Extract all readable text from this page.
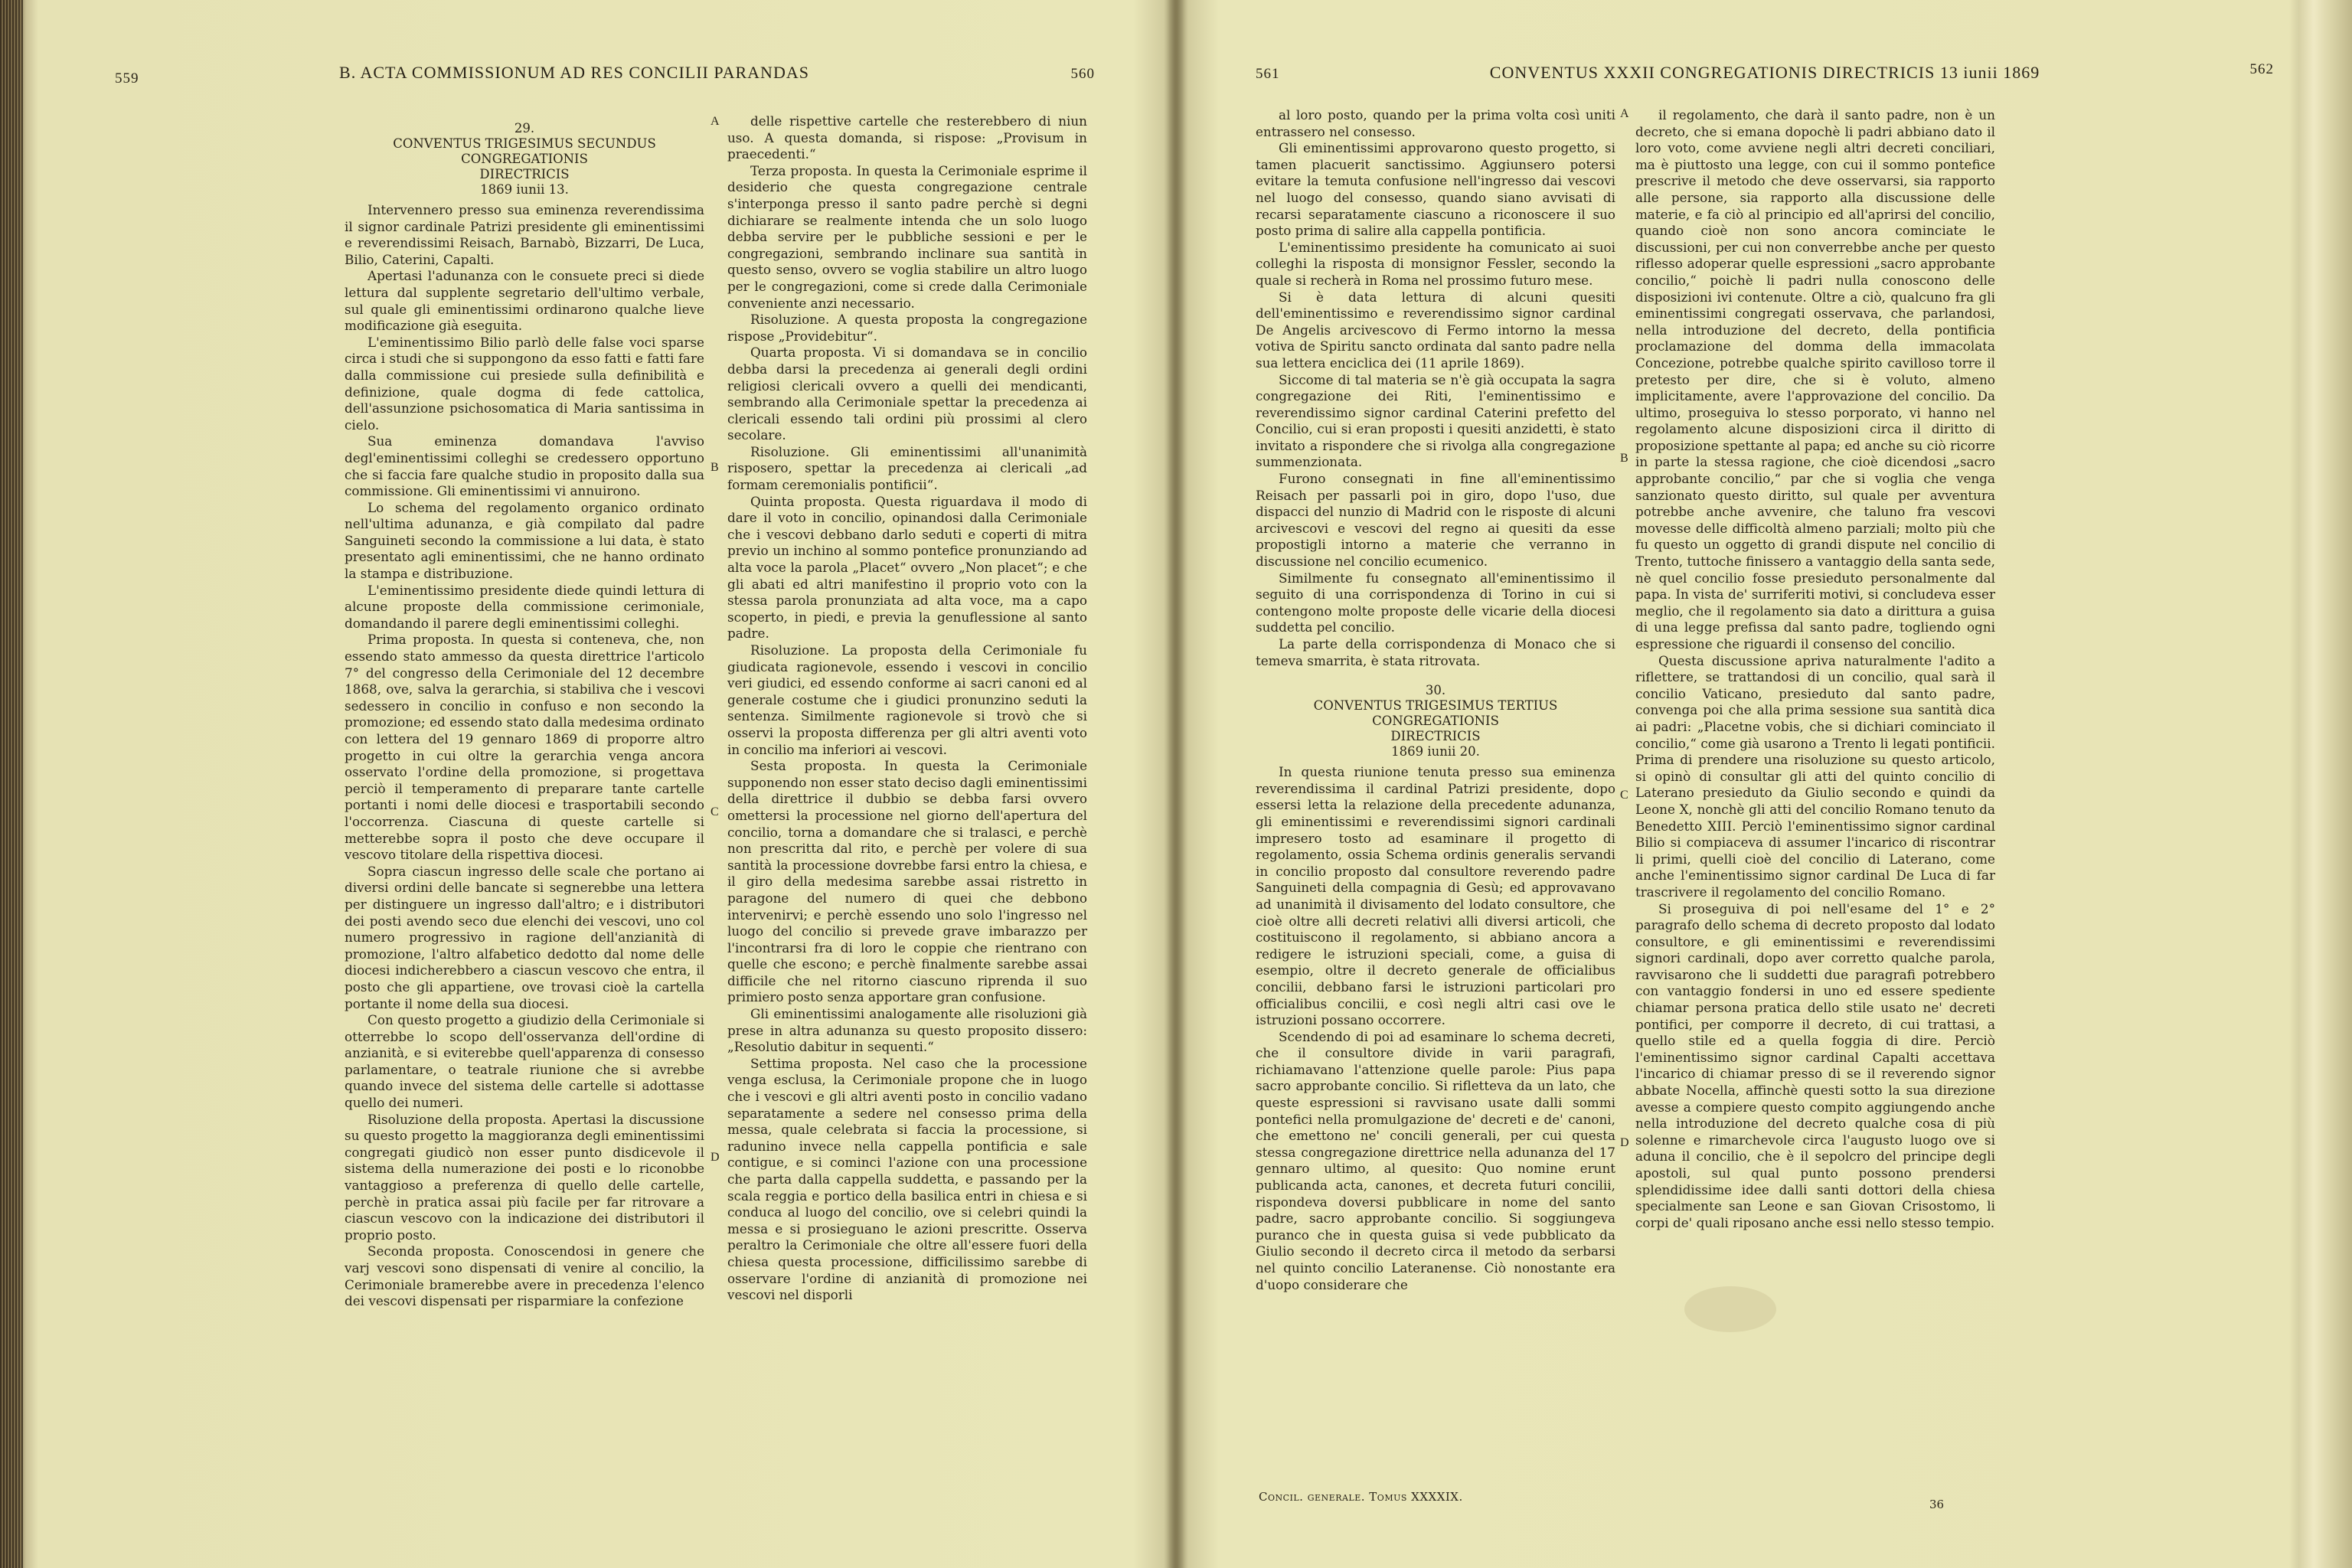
559	B. ACTA COMMISSIONUM AD RES CONCILII PARANDAS	560
29.
CONVENTUS TRIGESIMUS SECUNDUS CONGREGATIONIS
DIRECTRICIS
1869 iunii 13.

Intervennero presso sua eminenza reverendissima il signor cardinale Patrizi presidente gli eminentissimi e reverendissimi Reisach, Barnabò, Bizzarri, De Luca, Bilio, Caterini, Capalti.

Apertasi l'adunanza con le consuete preci si diede lettura dal supplente segretario dell'ultimo verbale, sul quale gli eminentissimi ordinarono qualche lieve modificazione già eseguita.

L'eminentissimo Bilio parlò delle false voci sparse circa i studi che si suppongono da esso fatti e fatti fare dalla commissione cui presiede sulla definibilità e definizione, quale dogma di fede cattolica, dell'assunzione psichosomatica di Maria santissima in cielo.

Sua eminenza domandava l'avviso degl'eminentissimi colleghi se credessero opportuno che si faccia fare qualche studio in proposito dalla sua commissione. Gli eminentissimi vi annuirono.

Lo schema del regolamento organico ordinato nell'ultima adunanza, e già compilato dal padre Sanguineti secondo la commissione a lui data, è stato presentato agli eminentissimi, che ne hanno ordinato la stampa e distribuzione.

L'eminentissimo presidente diede quindi lettura di alcune proposte della commissione cerimoniale, domandando il parere degli eminentissimi colleghi.

Prima proposta. In questa si conteneva, che, non essendo stato ammesso da questa direttrice l'articolo 7° del congresso della Cerimoniale del 12 decembre 1868, ove, salva la gerarchia, si stabiliva che i vescovi sedessero in concilio in confuso e non secondo la promozione; ed essendo stato dalla medesima ordinato con lettera del 19 gennaro 1869 di proporre altro progetto in cui oltre la gerarchia venga ancora osservato l'ordine della promozione, si progettava perciò il temperamento di preparare tante cartelle portanti i nomi delle diocesi e trasportabili secondo l'occorrenza. Ciascuna di queste cartelle si metterebbe sopra il posto che deve occupare il vescovo titolare della rispettiva diocesi.

Sopra ciascun ingresso delle scale che portano ai diversi ordini delle bancate si segnerebbe una lettera per distinguere un ingresso dall'altro; e i distributori dei posti avendo seco due elenchi dei vescovi, uno col numero progressivo in ragione dell'anzianità di promozione, l'altro alfabetico dedotto dal nome delle diocesi indicherebbero a ciascun vescovo che entra, il posto che gli appartiene, ove trovasi cioè la cartella portante il nome della sua diocesi.

Con questo progetto a giudizio della Cerimoniale si otterrebbe lo scopo dell'osservanza dell'ordine di anzianità, e si eviterebbe quell'apparenza di consesso parlamentare, o teatrale riunione che si avrebbe quando invece del sistema delle cartelle si adottasse quello dei numeri.

Risoluzione della proposta. Apertasi la discussione su questo progetto la maggioranza degli eminentissimi congregati giudicò non esser punto disdicevole il sistema della numerazione dei posti e lo riconobbe vantaggioso a preferenza di quello delle cartelle, perchè in pratica assai più facile per far ritrovare a ciascun vescovo con la indicazione dei distributori il proprio posto.

Seconda proposta. Conoscendosi in genere che varj vescovi sono dispensati di venire al concilio, la Cerimoniale bramerebbe avere in precedenza l'elenco dei vescovi dispensati per risparmiare la confezione

A
B
C
D

delle rispettive cartelle che resterebbero di niun uso. A questa domanda, si rispose: „Provisum in praecedenti.“

Terza proposta. In questa la Cerimoniale esprime il desiderio che questa congregazione centrale s'interponga presso il santo padre perchè si degni dichiarare se realmente intenda che un solo luogo debba servire per le pubbliche sessioni e per le congregazioni, sembrando inclinare sua santità in questo senso, ovvero se voglia stabilire un altro luogo per le congregazioni, come si crede dalla Cerimoniale conveniente anzi necessario.

Risoluzione. A questa proposta la congregazione rispose „Providebitur“.

Quarta proposta. Vi si domandava se in concilio debba darsi la precedenza ai generali degli ordini religiosi clericali ovvero a quelli dei mendicanti, sembrando alla Cerimoniale spettar la precedenza ai clericali essendo tali ordini più prossimi al clero secolare.

Risoluzione. Gli eminentissimi all'unanimità risposero, spettar la precedenza ai clericali „ad formam ceremonialis pontificii“.

Quinta proposta. Questa riguardava il modo di dare il voto in concilio, opinandosi dalla Cerimoniale che i vescovi debbano darlo seduti e coperti di mitra previo un inchino al sommo pontefice pronunziando ad alta voce la parola „Placet“ ovvero „Non placet“; e che gli abati ed altri manifestino il proprio voto con la stessa parola pronunziata ad alta voce, ma a capo scoperto, in piedi, e previa la genuflessione al santo padre.

Risoluzione. La proposta della Cerimoniale fu giudicata ragionevole, essendo i vescovi in concilio veri giudici, ed essendo conforme ai sacri canoni ed al generale costume che i giudici pronunzino seduti la sentenza. Similmente ragionevole si trovò che si osservi la proposta differenza per gli altri aventi voto in concilio ma inferiori ai vescovi.

Sesta proposta. In questa la Cerimoniale supponendo non esser stato deciso dagli eminentissimi della direttrice il dubbio se debba farsi ovvero omettersi la processione nel giorno dell'apertura del concilio, torna a domandare che si tralasci, e perchè non prescritta dal rito, e perchè per volere di sua santità la processione dovrebbe farsi entro la chiesa, e il giro della medesima sarebbe assai ristretto in paragone del numero di quei che debbono intervenirvi; e perchè essendo uno solo l'ingresso nel luogo del concilio si prevede grave imbarazzo per l'incontrarsi fra di loro le coppie che rientrano con quelle che escono; e perchè finalmente sarebbe assai difficile che nel ritorno ciascuno riprenda il suo primiero posto senza apportare gran confusione.

Gli eminentissimi analogamente alle risoluzioni già prese in altra adunanza su questo proposito dissero: „Resolutio dabitur in sequenti.“

Settima proposta. Nel caso che la processione venga esclusa, la Cerimoniale propone che in luogo che i vescovi e gli altri aventi posto in concilio vadano separatamente a sedere nel consesso prima della messa, quale celebrata si faccia la processione, si radunino invece nella cappella pontificia e sale contigue, e si cominci l'azione con una processione che parta dalla cappella suddetta, e passando per la scala reggia e portico della basilica entri in chiesa e si conduca al luogo del concilio, ove si celebri quindi la messa e si prosieguano le azioni prescritte. Osserva peraltro la Cerimoniale che oltre all'essere fuori della chiesa questa processione, difficilissimo sarebbe di osservare l'ordine di anzianità di promozione nei vescovi nel disporli

561	CONVENTUS XXXII CONGREGATIONIS DIRECTRICIS 13 iunii 1869	562

al loro posto, quando per la prima volta così uniti entrassero nel consesso.

Gli eminentissimi approvarono questo progetto, si tamen placuerit sanctissimo. Aggiunsero potersi evitare la temuta confusione nell'ingresso dai vescovi nel luogo del consesso, quando siano avvisati di recarsi separatamente ciascuno a riconoscere il suo posto prima di salire alla cappella pontificia.

L'eminentissimo presidente ha comunicato ai suoi colleghi la risposta di monsignor Fessler, secondo la quale si recherà in Roma nel prossimo futuro mese.

Si è data lettura di alcuni quesiti dell'eminentissimo e reverendissimo signor cardinal De Angelis arcivescovo di Fermo intorno la messa votiva de Spiritu sancto ordinata dal santo padre nella sua lettera enciclica dei (11 aprile 1869).

Siccome di tal materia se n'è già occupata la sagra congregazione dei Riti, l'eminentissimo e reverendissimo signor cardinal Caterini prefetto del Concilio, cui si eran proposti i quesiti anzidetti, è stato invitato a rispondere che si rivolga alla congregazione summenzionata.

Furono consegnati in fine all'eminentissimo Reisach per passarli poi in giro, dopo l'uso, due dispacci del nunzio di Madrid con le risposte di alcuni arcivescovi e vescovi del regno ai quesiti da esse propostigli intorno a materie che verranno in discussione nel concilio ecumenico.

Similmente fu consegnato all'eminentissimo il seguito di una corrispondenza di Torino in cui si contengono molte proposte delle vicarie della diocesi suddetta pel concilio.

La parte della corrispondenza di Monaco che si temeva smarrita, è stata ritrovata.

30.
CONVENTUS TRIGESIMUS TERTIUS CONGREGATIONIS
DIRECTRICIS
1869 iunii 20.

In questa riunione tenuta presso sua eminenza reverendissima il cardinal Patrizi presidente, dopo essersi letta la relazione della precedente adunanza, gli eminentissimi e reverendissimi signori cardinali impresero tosto ad esaminare il progetto di regolamento, ossia Schema ordinis generalis servandi in concilio proposto dal consultore reverendo padre Sanguineti della compagnia di Gesù; ed approvavano ad unanimità il divisamento del lodato consultore, che cioè oltre alli decreti relativi alli diversi articoli, che costituiscono il regolamento, si abbiano ancora a redigere le istruzioni speciali, come, a guisa di esempio, oltre il decreto generale de officialibus concilii, debbano farsi le istruzioni particolari pro officialibus concilii, e così negli altri casi ove le istruzioni possano occorrere.

Scendendo di poi ad esaminare lo schema decreti, che il consultore divide in varii paragrafi, richiamavano l'attenzione quelle parole: Pius papa sacro approbante concilio. Si rifletteva da un lato, che queste espressioni si ravvisano usate dalli sommi pontefici nella promulgazione de' decreti e de' canoni, che emettono ne' concili generali, per cui questa stessa congregazione direttrice nella adunanza del 17 gennaro ultimo, al quesito: Quo nomine erunt publicanda acta, canones, et decreta futuri concilii, rispondeva doversi pubblicare in nome del santo padre, sacro approbante concilio. Si soggiungeva puranco che in questa guisa si vede pubblicato da Giulio secondo il decreto circa il metodo da serbarsi nel quinto concilio Lateranense. Ciò nonostante era d'uopo considerare che

A
B
C
D

il regolamento, che darà il santo padre, non è un decreto, che si emana dopochè li padri abbiano dato il loro voto, come avviene negli altri decreti conciliari, ma è piuttosto una legge, con cui il sommo pontefice prescrive il metodo che deve osservarsi, sia rapporto alle persone, sia rapporto alla discussione delle materie, e fa ciò al principio ed all'aprirsi del concilio, quando cioè non sono ancora cominciate le discussioni, per cui non converrebbe anche per questo riflesso adoperar quelle espressioni „sacro approbante concilio,“ poichè li padri nulla conoscono delle disposizioni ivi contenute. Oltre a ciò, qualcuno fra gli eminentissimi congregati osservava, che parlandosi, nella introduzione del decreto, della pontificia proclamazione del domma della immacolata Concezione, potrebbe qualche spirito cavilloso torre il pretesto per dire, che si è voluto, almeno implicitamente, avere l'approvazione del concilio. Da ultimo, proseguiva lo stesso porporato, vi hanno nel regolamento alcune disposizioni circa il diritto di proposizione spettante al papa; ed anche su ciò ricorre in parte la stessa ragione, che cioè dicendosi „sacro approbante concilio,“ par che si voglia che venga sanzionato questo diritto, sul quale per avventura potrebbe anche avvenire, che taluno fra vescovi movesse delle difficoltà almeno parziali; molto più che fu questo un oggetto di grandi dispute nel concilio di Trento, tuttoche finissero a vantaggio della santa sede, nè quel concilio fosse presieduto personalmente dal papa. In vista de' surriferiti motivi, si concludeva esser meglio, che il regolamento sia dato a dirittura a guisa di una legge prefissa dal santo padre, togliendo ogni espressione che riguardi il consenso del concilio.

Questa discussione apriva naturalmente l'adito a riflettere, se trattandosi di un concilio, qual sarà il concilio Vaticano, presieduto dal santo padre, convenga poi che alla prima sessione sua santità dica ai padri: „Placetne vobis, che si dichiari cominciato il concilio,“ come già usarono a Trento li legati pontificii. Prima di prendere una risoluzione su questo articolo, si opinò di consultar gli atti del quinto concilio di Laterano presieduto da Giulio secondo e quindi da Leone X, nonchè gli atti del concilio Romano tenuto da Benedetto XIII. Perciò l'eminentissimo signor cardinal Bilio si compiaceva di assumer l'incarico di riscontrar li primi, quelli cioè del concilio di Laterano, come anche l'eminentissimo signor cardinal De Luca di far trascrivere il regolamento del concilio Romano.

Si proseguiva di poi nell'esame del 1° e 2° paragrafo dello schema di decreto proposto dal lodato consultore, e gli eminentissimi e reverendissimi signori cardinali, dopo aver corretto qualche parola, ravvisarono che li suddetti due paragrafi potrebbero con vantaggio fondersi in uno ed essere spediente chiamar persona pratica dello stile usato ne' decreti pontifici, per comporre il decreto, di cui trattasi, a quello stile ed a quella foggia di dire. Perciò l'eminentissimo signor cardinal Capalti accettava l'incarico di chiamar presso di se il reverendo signor abbate Nocella, affinchè questi sotto la sua direzione avesse a compiere questo compito aggiungendo anche nella introduzione del decreto qualche cosa di più solenne e rimarchevole circa l'augusto luogo ove si aduna il concilio, che è il sepolcro del principe degli apostoli, sul qual punto possono prendersi splendidissime idee dalli santi dottori della chiesa specialmente san Leone e san Giovan Crisostomo, li corpi de' quali riposano anche essi nello stesso tempio.

Concil. generale. Tomus XXXXIX.
36
